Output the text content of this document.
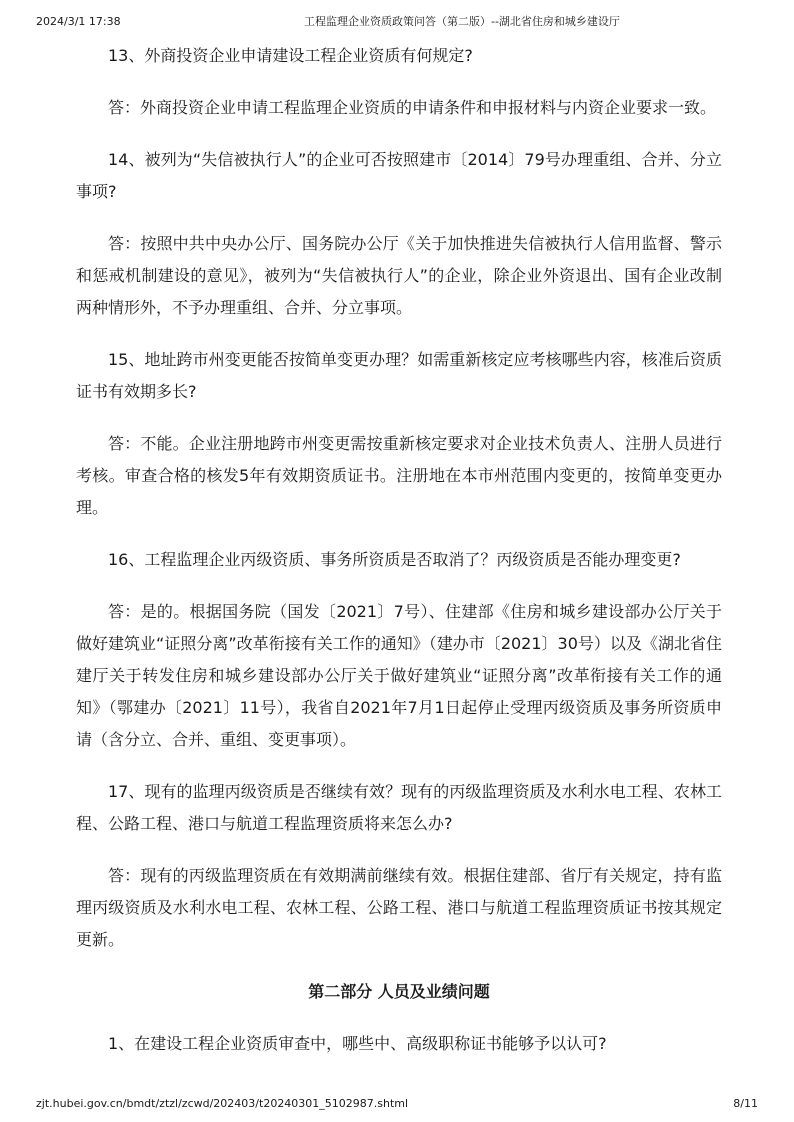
2024/3/1 17:38	工程监理企业资质政策问答（第二版）--湖北省住房和城乡建设厅

13、外商投资企业申请建设工程企业资质有何规定?

答：外商投资企业申请工程监理企业资质的申请条件和申报材料与内资企业要求一致。

14、被列为“失信被执行人”的企业可否按照建市〔2014〕79号办理重组、合并、分立事项?

答：按照中共中央办公厅、国务院办公厅《关于加快推进失信被执行人信用监督、警示和惩戒机制建设的意见》，被列为“失信被执行人”的企业，除企业外资退出、国有企业改制两种情形外，不予办理重组、合并、分立事项。

15、地址跨市州变更能否按简单变更办理？如需重新核定应考核哪些内容，核准后资质证书有效期多长?

答：不能。企业注册地跨市州变更需按重新核定要求对企业技术负责人、注册人员进行考核。审查合格的核发5年有效期资质证书。注册地在本市州范围内变更的，按简单变更办理。

16、工程监理企业丙级资质、事务所资质是否取消了？丙级资质是否能办理变更?

答：是的。根据国务院（国发〔2021〕7号）、住建部《住房和城乡建设部办公厅关于做好建筑业“证照分离”改革衔接有关工作的通知》（建办市〔2021〕30号）以及《湖北省住建厅关于转发住房和城乡建设部办公厅关于做好建筑业“证照分离”改革衔接有关工作的通知》（鄂建办〔2021〕11号），我省自2021年7月1日起停止受理丙级资质及事务所资质申请（含分立、合并、重组、变更事项）。

17、现有的监理丙级资质是否继续有效？现有的丙级监理资质及水利水电工程、农林工程、公路工程、港口与航道工程监理资质将来怎么办?

答：现有的丙级监理资质在有效期满前继续有效。根据住建部、省厅有关规定，持有监理丙级资质及水利水电工程、农林工程、公路工程、港口与航道工程监理资质证书按其规定更新。

第二部分 人员及业绩问题

1、在建设工程企业资质审查中，哪些中、高级职称证书能够予以认可?

zjt.hubei.gov.cn/bmdt/ztzl/zcwd/202403/t20240301_5102987.shtml	8/11
